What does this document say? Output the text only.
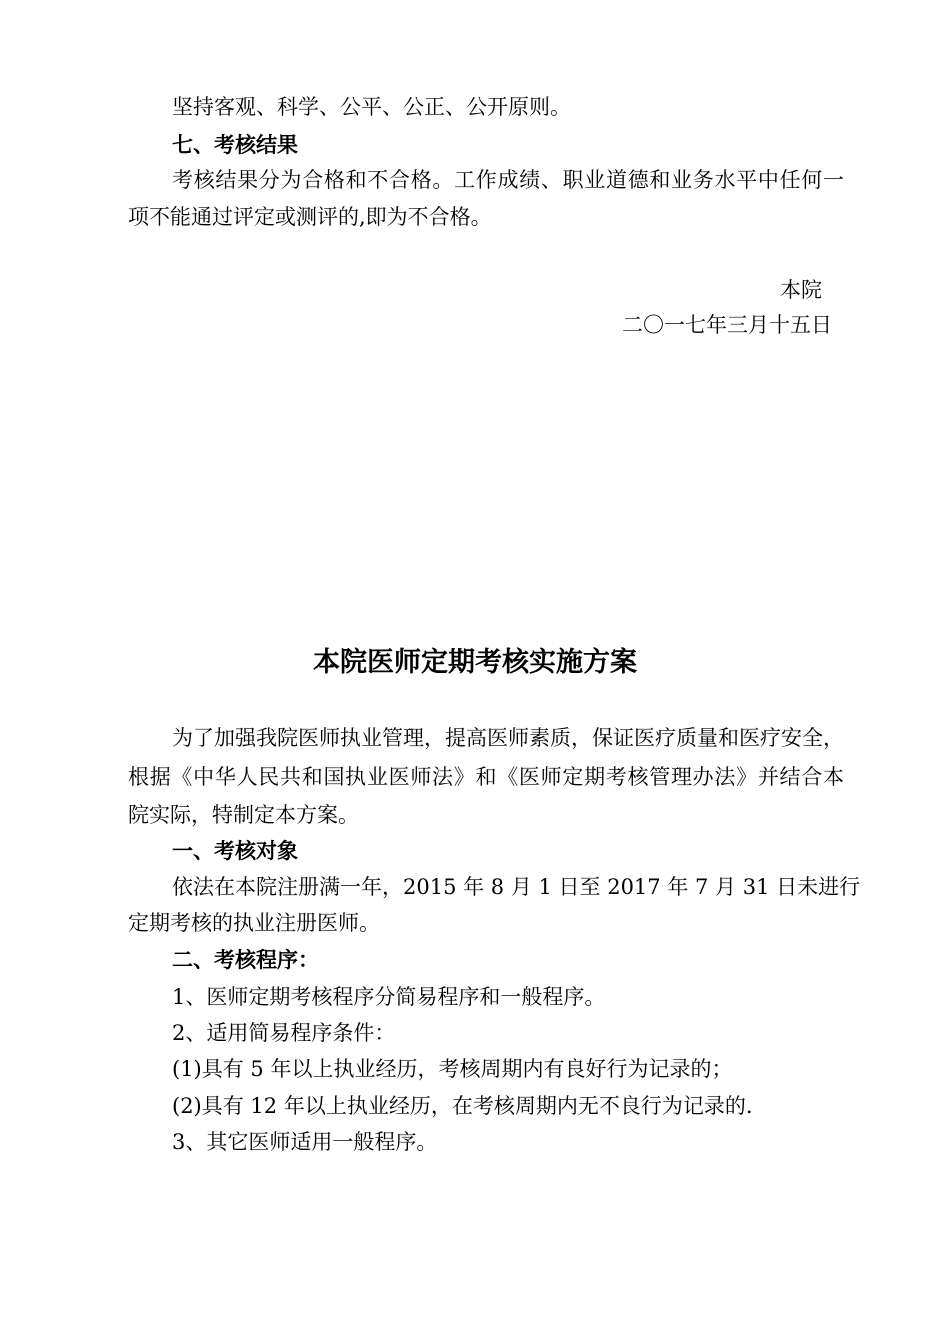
坚持客观、科学、公平、公正、公开原则。
七、考核结果
考核结果分为合格和不合格。工作成绩、职业道德和业务水平中任何一
项不能通过评定或测评的,即为不合格。
本院
二〇一七年三月十五日
本院医师定期考核实施方案
为了加强我院医师执业管理，提高医师素质，保证医疗质量和医疗安全，
根据《中华人民共和国执业医师法》和《医师定期考核管理办法》并结合本
院实际，特制定本方案。
一、考核对象
依法在本院注册满一年，2015 年 8 月 1 日至 2017 年 7 月 31 日未进行
定期考核的执业注册医师。
二、考核程序：
1、医师定期考核程序分简易程序和一般程序。
2、适用简易程序条件：
(1)具有 5 年以上执业经历，考核周期内有良好行为记录的；
(2)具有 12 年以上执业经历，在考核周期内无不良行为记录的.
3、其它医师适用一般程序。
